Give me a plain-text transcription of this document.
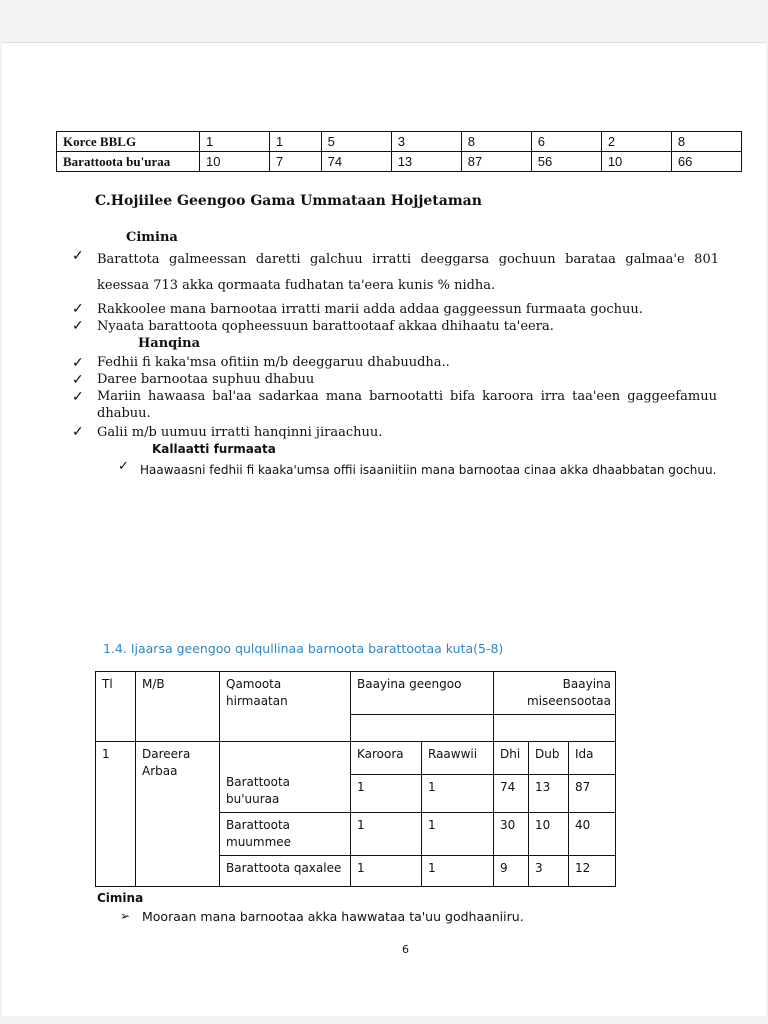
Korce BBLG	1	1	5	3	8	6	2	8
Barattoota bu'uraa	10	7	74	13	87	56	10	66
C.Hojiilee Geengoo Gama Ummataan Hojjetaman
Cimina
✓ Barattota galmeessan daretti galchuu irratti deeggarsa gochuun barataa galmaa'e 801 keessaa 713 akka qormaata fudhatan ta'eera kunis % nidha.
✓ Rakkoolee mana barnootaa irratti marii adda addaa gaggeessun furmaata gochuu.
✓ Nyaata barattoota qopheessuun barattootaaf akkaa dhihaatu ta'eera.
Hanqina
✓ Fedhii fi kaka'msa ofitiin m/b deeggaruu dhabuudha..
✓ Daree barnootaa suphuu dhabuu
✓ Mariin hawaasa bal'aa sadarkaa mana barnootatti bifa karoora irra taa'een gaggeefamuu dhabuu.
✓ Galii m/b uumuu irratti hanqinni jiraachuu.
Kallaatti furmaata
✓ Haawaasni fedhii fi kaaka'umsa offii isaaniitiin mana barnootaa cinaa akka dhaabbatan gochuu.
1.4. Ijaarsa geengoo qulqullinaa barnoota barattootaa kuta(5-8)
Tl	M/B	Qamoota hirmaatan	Baayina geengoo		Baayina miseensootaa		

1	Dareera Arbaa		Karoora	Raawwii	Dhi	Dub	Ida
		Barattoota bu'uuraa	1	1	74	13	87
		Barattoota muummee	1	1	30	10	40
		Barattoota qaxalee	1	1	9	3	12
Cimina
➢ Mooraan mana barnootaa akka hawwataa ta'uu godhaaniiru.
6
